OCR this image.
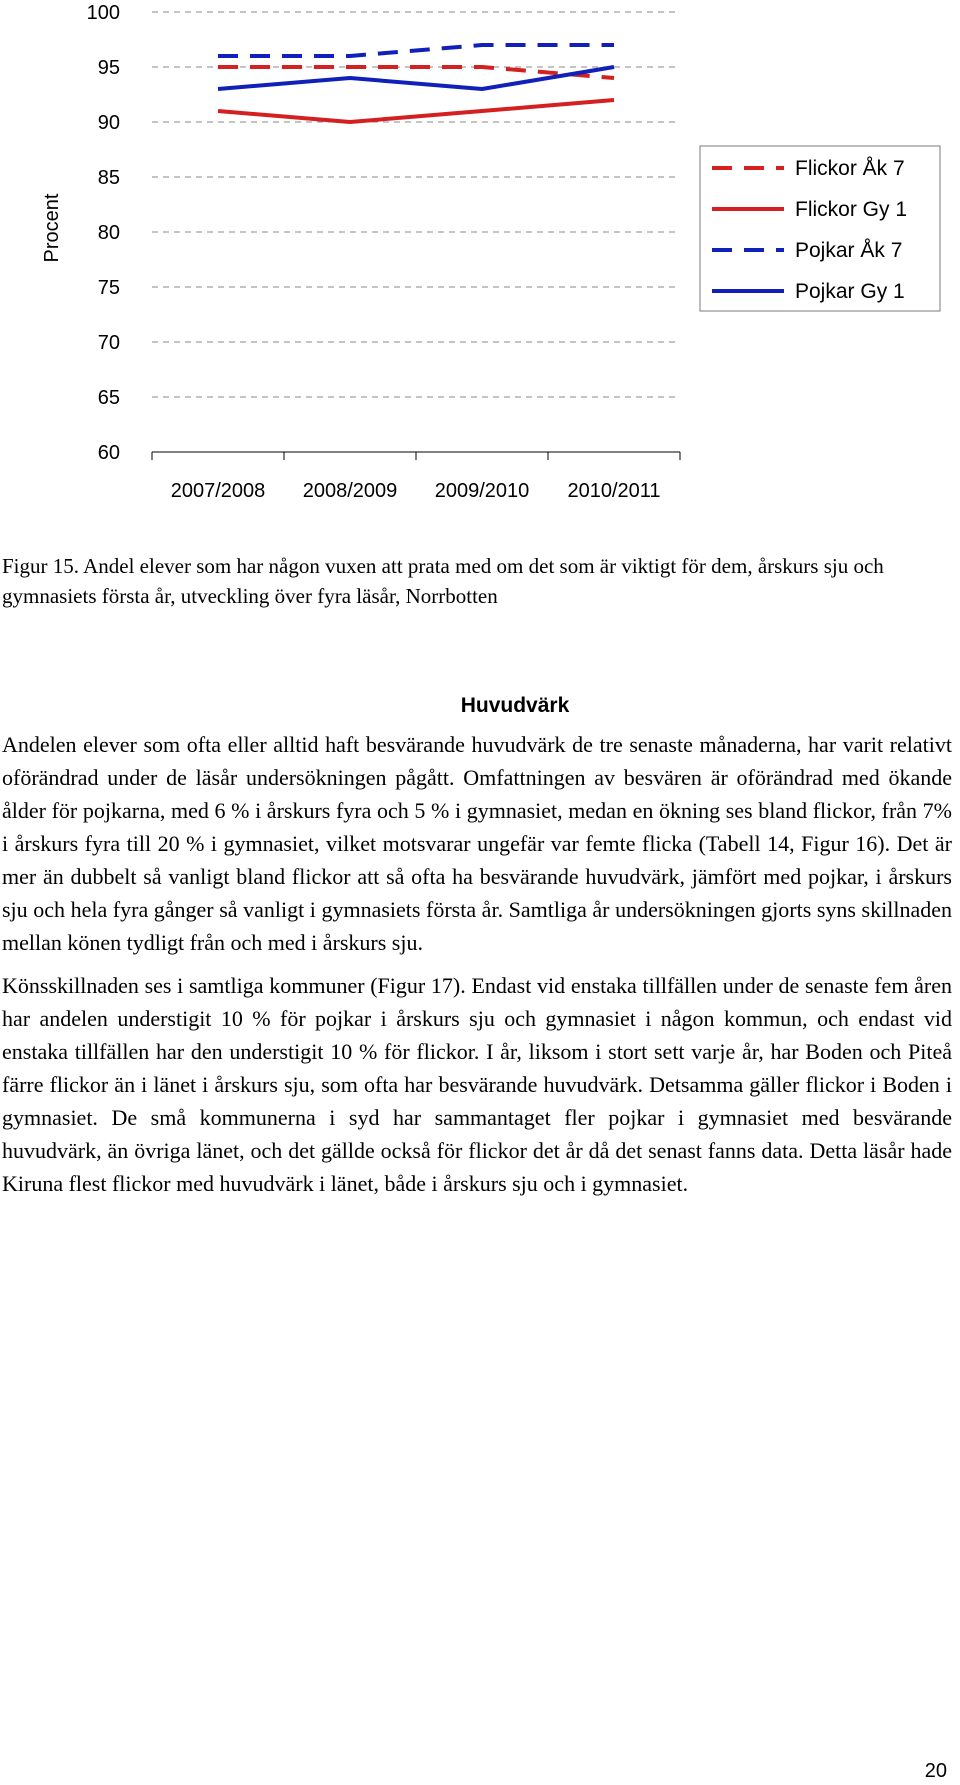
Procent
60
65
70
75
80
85
90
95
100
2007/2008 2008/2009 2009/2010 2010/2011
Flickor Åk 7
Flickor Gy 1
Pojkar Åk 7
Pojkar Gy 1

Figur 15. Andel elever som har någon vuxen att prata med om det som är viktigt för dem, årskurs sju och gymnasiets första år, utveckling över fyra läsår, Norrbotten

Huvudvärk

Andelen elever som ofta eller alltid haft besvärande huvudvärk de tre senaste månaderna, har varit relativt oförändrad under de läsår undersökningen pågått. Omfattningen av besvären är oförändrad med ökande ålder för pojkarna, med 6 % i årskurs fyra och 5 % i gymnasiet, medan en ökning ses bland flickor, från 7% i årskurs fyra till 20 % i gymnasiet, vilket motsvarar ungefär var femte flicka (Tabell 14, Figur 16). Det är mer än dubbelt så vanligt bland flickor att så ofta ha besvärande huvudvärk, jämfört med pojkar, i årskurs sju och hela fyra gånger så vanligt i gymnasiets första år. Samtliga år undersökningen gjorts syns skillnaden mellan könen tydligt från och med i årskurs sju.

Könsskillnaden ses i samtliga kommuner (Figur 17). Endast vid enstaka tillfällen under de senaste fem åren har andelen understigit 10 % för pojkar i årskurs sju och gymnasiet i någon kommun, och endast vid enstaka tillfällen har den understigit 10 % för flickor. I år, liksom i stort sett varje år, har Boden och Piteå färre flickor än i länet i årskurs sju, som ofta har besvärande huvudvärk. Detsamma gäller flickor i Boden i gymnasiet. De små kommunerna i syd har sammantaget fler pojkar i gymnasiet med besvärande huvudvärk, än övriga länet, och det gällde också för flickor det år då det senast fanns data. Detta läsår hade Kiruna flest flickor med huvudvärk i länet, både i årskurs sju och i gymnasiet.

20
